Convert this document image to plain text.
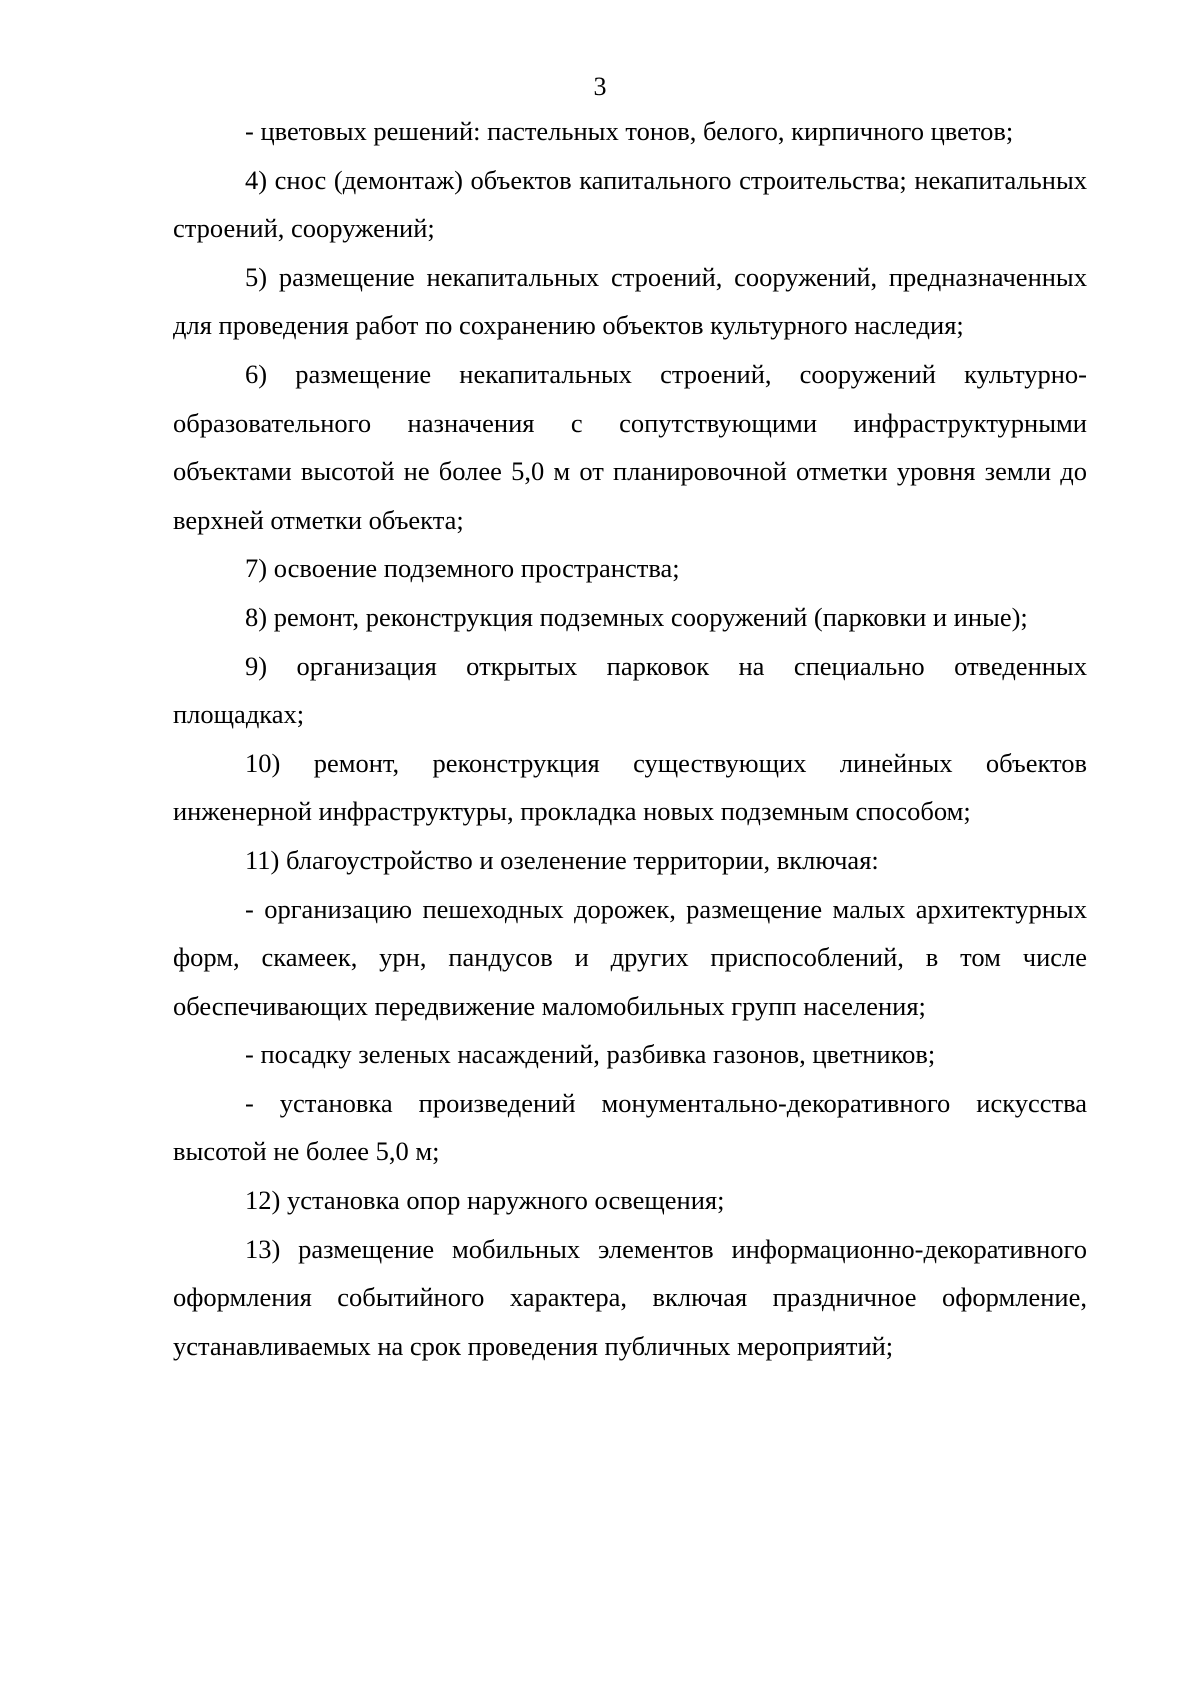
3

- цветовых решений: пастельных тонов, белого, кирпичного цветов;

4) снос (демонтаж) объектов капитального строительства; некапитальных строений, сооружений;

5) размещение некапитальных строений, сооружений, предназначенных для проведения работ по сохранению объектов культурного наследия;

6) размещение некапитальных строений, сооружений культурно-образовательного назначения с сопутствующими инфраструктурными объектами высотой не более 5,0 м от планировочной отметки уровня земли до верхней отметки объекта;

7) освоение подземного пространства;

8) ремонт, реконструкция подземных сооружений (парковки и иные);

9) организация открытых парковок на специально отведенных площадках;

10) ремонт, реконструкция существующих линейных объектов инженерной инфраструктуры, прокладка новых подземным способом;

11) благоустройство и озеленение территории, включая:

- организацию пешеходных дорожек, размещение малых архитектурных форм, скамеек, урн, пандусов и других приспособлений, в том числе обеспечивающих передвижение маломобильных групп населения;

- посадку зеленых насаждений, разбивка газонов, цветников;

- установка произведений монументально-декоративного искусства высотой не более 5,0 м;

12) установка опор наружного освещения;

13) размещение мобильных элементов информационно-декоративного оформления событийного характера, включая праздничное оформление, устанавливаемых на срок проведения публичных мероприятий;
